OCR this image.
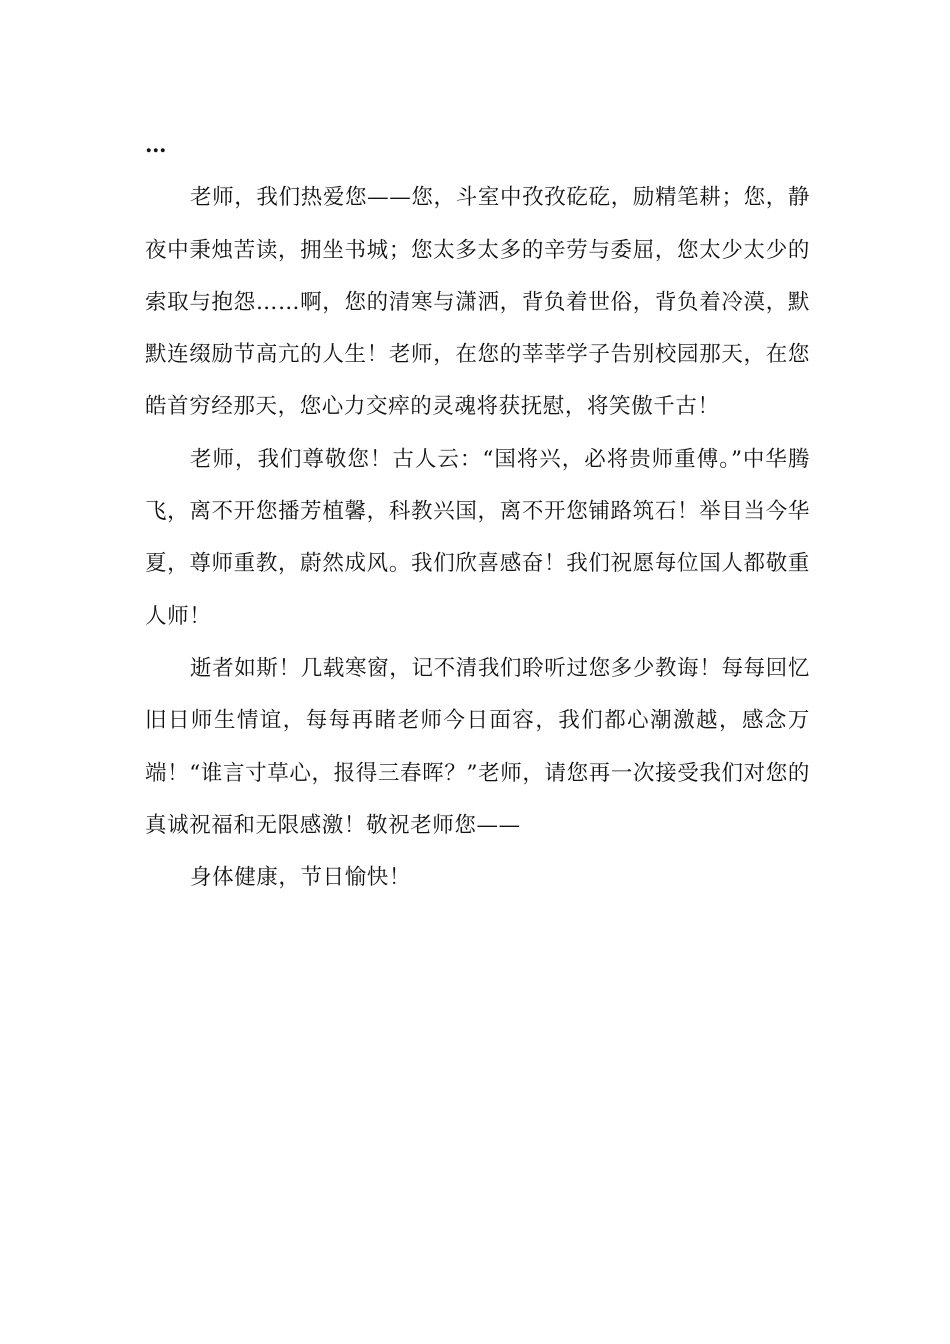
…

老师，我们热爱您——您，斗室中孜孜矻矻，励精笔耕；您，静夜中秉烛苦读，拥坐书城；您太多太多的辛劳与委屈，您太少太少的索取与抱怨……啊，您的清寒与潇洒，背负着世俗，背负着冷漠，默默连缀励节高亢的人生！老师，在您的莘莘学子告别校园那天，在您皓首穷经那天，您心力交瘁的灵魂将获抚慰，将笑傲千古！

老师，我们尊敬您！古人云：“国将兴，必将贵师重傅。”中华腾飞，离不开您播芳植馨，科教兴国，离不开您铺路筑石！举目当今华夏，尊师重教，蔚然成风。我们欣喜感奋！我们祝愿每位国人都敬重人师！

逝者如斯！几载寒窗，记不清我们聆听过您多少教诲！每每回忆旧日师生情谊，每每再睹老师今日面容，我们都心潮激越，感念万端！“谁言寸草心，报得三春晖？”老师，请您再一次接受我们对您的真诚祝福和无限感激！敬祝老师您——

身体健康，节日愉快！
